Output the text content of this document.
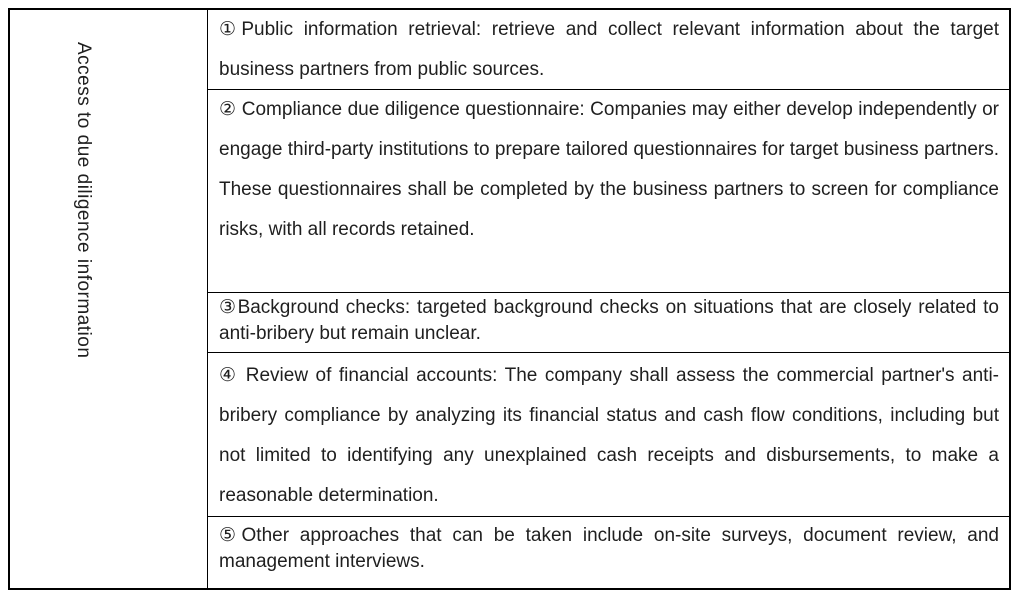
Access to due diligence information
①Public information retrieval: retrieve and collect relevant information about the target business partners from public sources.
② Compliance due diligence questionnaire: Companies may either develop independently or engage third-party institutions to prepare tailored questionnaires for target business partners. These questionnaires shall be completed by the business partners to screen for compliance risks, with all records retained.
③Background checks: targeted background checks on situations that are closely related to anti-bribery but remain unclear.
④ Review of financial accounts: The company shall assess the commercial partner's anti-bribery compliance by analyzing its financial status and cash flow conditions, including but not limited to identifying any unexplained cash receipts and disbursements, to make a reasonable determination.
⑤Other approaches that can be taken include on-site surveys, document review, and management interviews.
